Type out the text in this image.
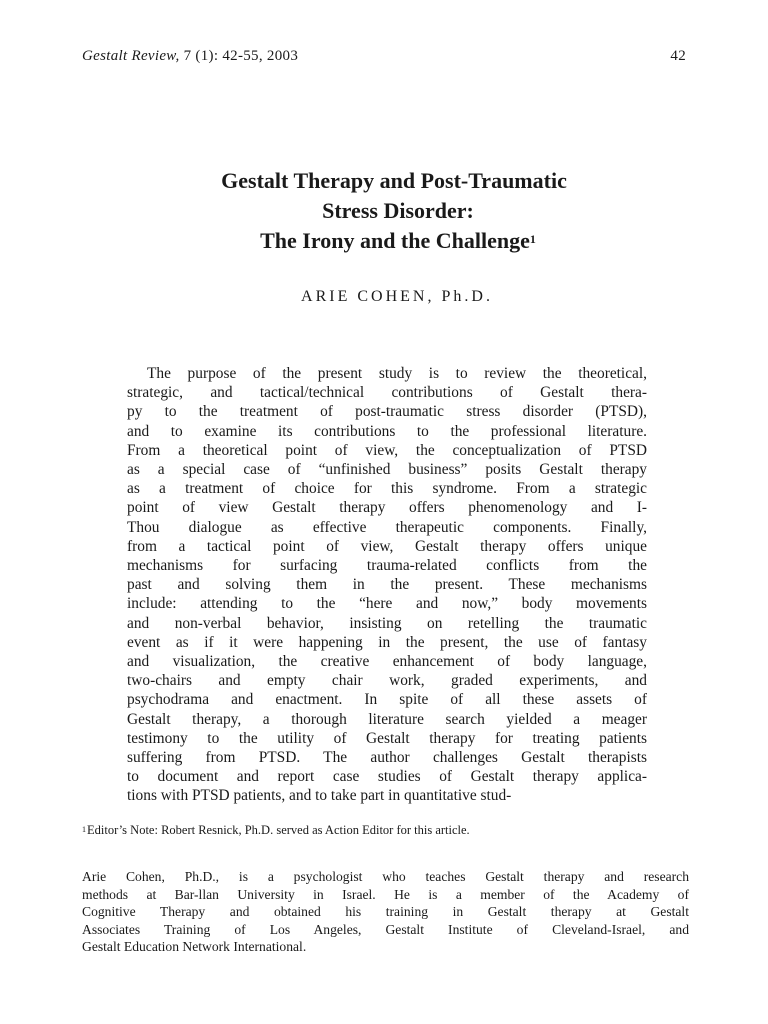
Gestalt Review, 7 (1): 42-55, 2003	42
Gestalt Therapy and Post-Traumatic
Stress Disorder:
The Irony and the Challenge$^1$
ARIE COHEN, Ph.D.
The purpose of the present study is to review the theoretical,
strategic, and tactical/technical contributions of Gestalt thera-
py to the treatment of post-traumatic stress disorder (PTSD),
and to examine its contributions to the professional literature.
From a theoretical point of view, the conceptualization of PTSD
as a special case of “unfinished business” posits Gestalt therapy
as a treatment of choice for this syndrome. From a strategic
point of view Gestalt therapy offers phenomenology and I-
Thou dialogue as effective therapeutic components. Finally,
from a tactical point of view, Gestalt therapy offers unique
mechanisms for surfacing trauma-related conflicts from the
past and solving them in the present. These mechanisms
include: attending to the “here and now,” body movements
and non-verbal behavior, insisting on retelling the traumatic
event as if it were happening in the present, the use of fantasy
and visualization, the creative enhancement of body language,
two-chairs and empty chair work, graded experiments, and
psychodrama and enactment. In spite of all these assets of
Gestalt therapy, a thorough literature search yielded a meager
testimony to the utility of Gestalt therapy for treating patients
suffering from PTSD. The author challenges Gestalt therapists
to document and report case studies of Gestalt therapy applica-
tions with PTSD patients, and to take part in quantitative stud-
$^1$Editor’s Note: Robert Resnick, Ph.D. served as Action Editor for this article.
Arie Cohen, Ph.D., is a psychologist who teaches Gestalt therapy and research
methods at Bar-llan University in Israel. He is a member of the Academy of
Cognitive Therapy and obtained his training in Gestalt therapy at Gestalt
Associates Training of Los Angeles, Gestalt Institute of Cleveland-Israel, and
Gestalt Education Network International.
